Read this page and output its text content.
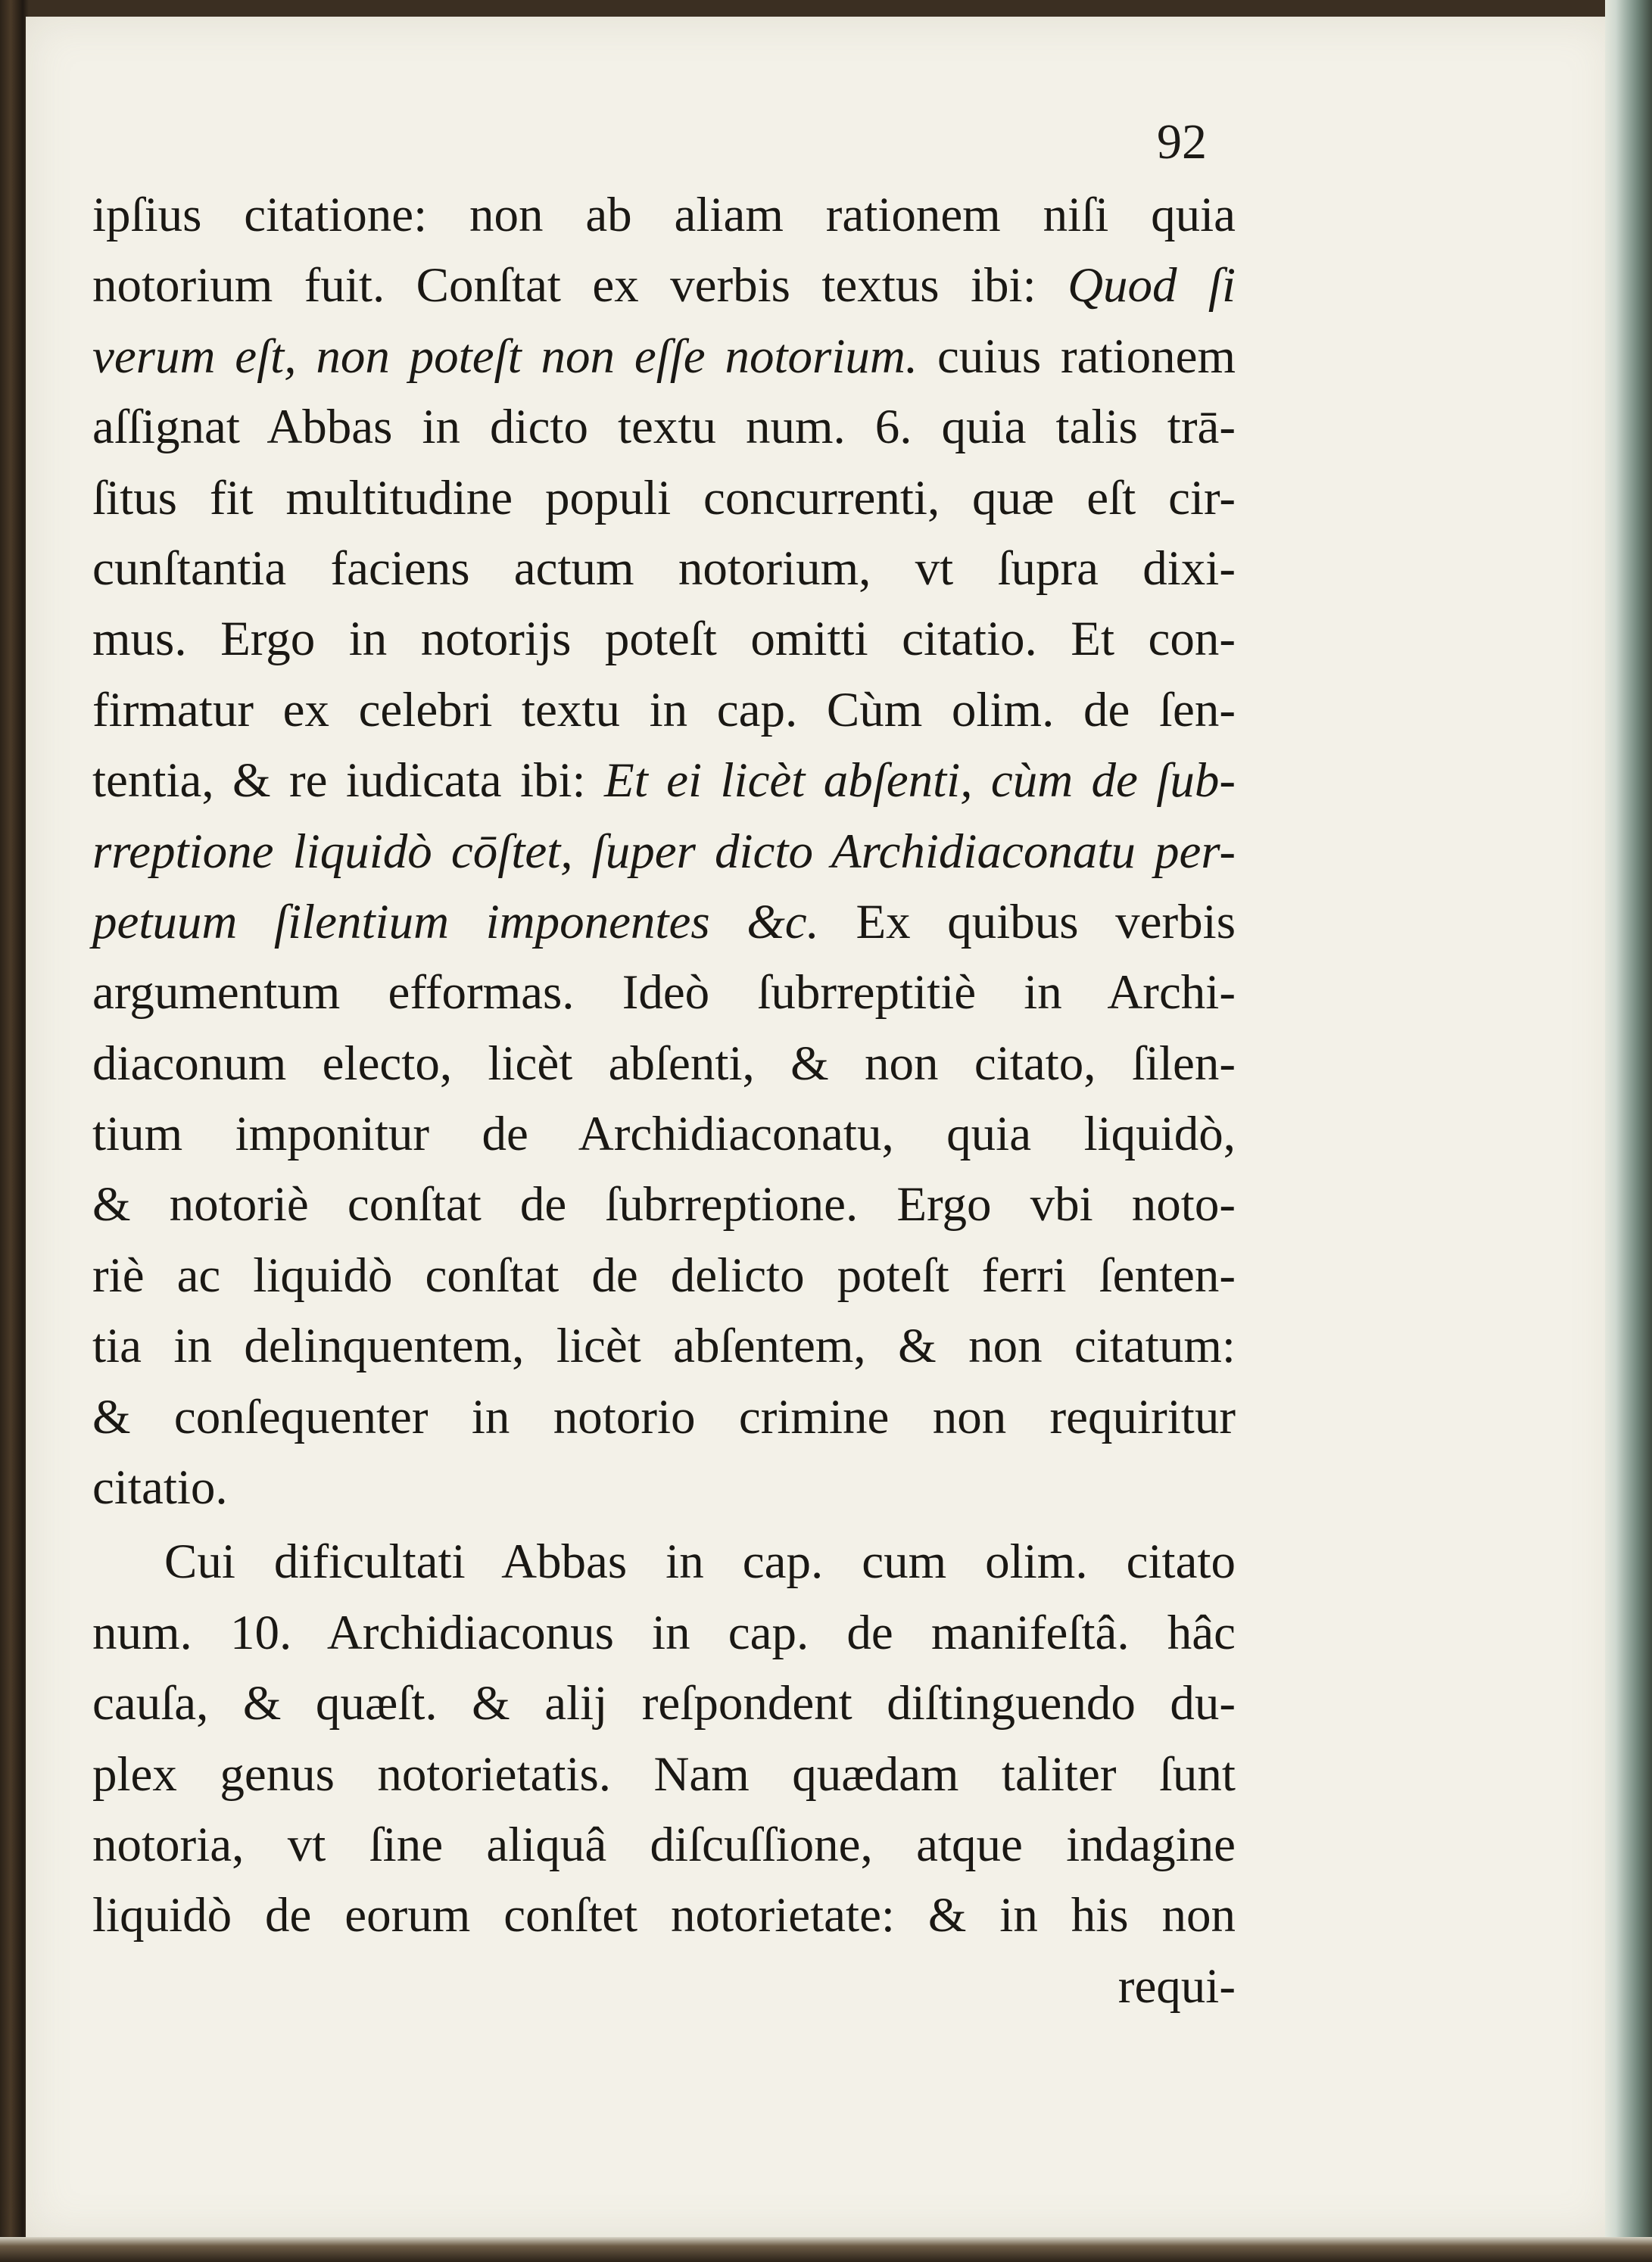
92
ipſius citatione: non ab aliam rationem niſi quia
notorium fuit. Conſtat ex verbis textus ibi: Quod ſi
verum eſt, non poteſt non eſſe notorium. cuius rationem
aſſignat Abbas in dicto textu num. 6. quia talis trā-
ſitus fit multitudine populi concurrenti, quæ eſt cir-
cunſtantia faciens actum notorium, vt ſupra dixi-
mus. Ergo in notorijs poteſt omitti citatio. Et con-
firmatur ex celebri textu in cap. Cùm olim. de ſen-
tentia, & re iudicata ibi: Et ei licèt abſenti, cùm de ſub-
rreptione liquidò cōſtet, ſuper dicto Archidiaconatu per-
petuum ſilentium imponentes &c. Ex quibus verbis
argumentum efformas. Ideò ſubrreptitiè in Archi-
diaconum electo, licèt abſenti, & non citato, ſilen-
tium imponitur de Archidiaconatu, quia liquidò,
& notoriè conſtat de ſubrreptione. Ergo vbi noto-
riè ac liquidò conſtat de delicto poteſt ferri ſenten-
tia in delinquentem, licèt abſentem, & non citatum:
& conſequenter in notorio crimine non requiritur
citatio.
Cui dificultati Abbas in cap. cum olim. citato
num. 10. Archidiaconus in cap. de manifeſtâ. hâc
cauſa, & quæſt. & alij reſpondent diſtinguendo du-
plex genus notorietatis. Nam quædam taliter ſunt
notoria, vt ſine aliquâ diſcuſſione, atque indagine
liquidò de eorum conſtet notorietate: & in his non
requi-
